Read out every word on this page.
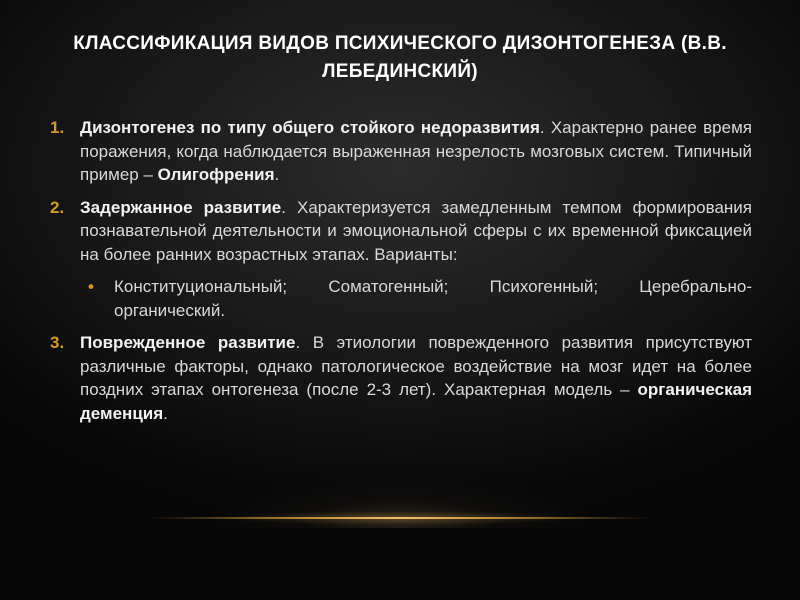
КЛАССИФИКАЦИЯ ВИДОВ ПСИХИЧЕСКОГО ДИЗОНТОГЕНЕЗА (В.В. ЛЕБЕДИНСКИЙ)
1. Дизонтогенез по типу общего стойкого недоразвития. Характерно ранее время поражения, когда наблюдается выраженная незрелость мозговых систем. Типичный пример – Олигофрения.
2. Задержанное развитие. Характеризуется замедленным темпом формирования познавательной деятельности и эмоциональной сферы с их временной фиксацией на более ранних возрастных этапах. Варианты:
• Конституциональный; Соматогенный; Психогенный; Церебрально-органический.
3. Поврежденное развитие. В этиологии поврежденного развития присутствуют различные факторы, однако патологическое воздействие на мозг идет на более поздних этапах онтогенеза (после 2-3 лет). Характерная модель – органическая деменция.
